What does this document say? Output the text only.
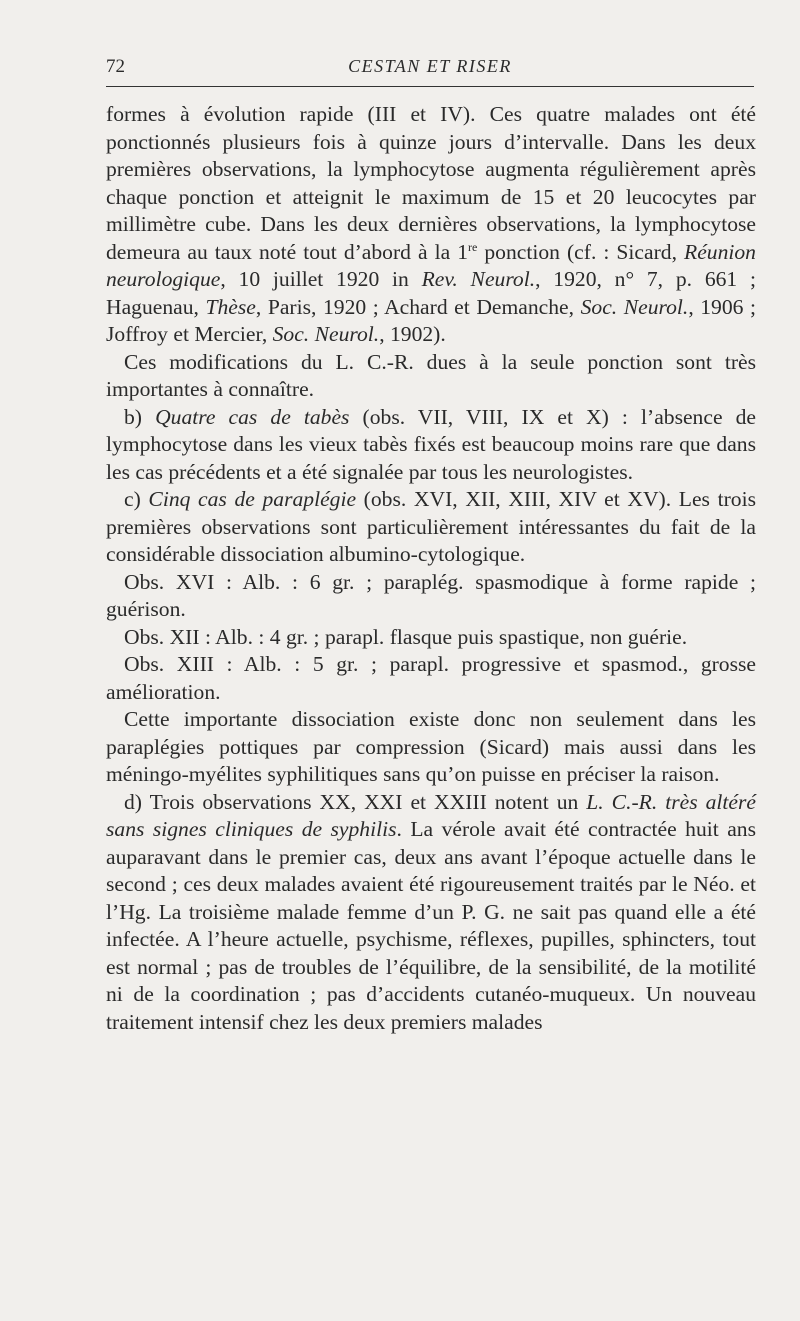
72	CESTAN ET RISER

formes à évolution rapide (III et IV). Ces quatre malades ont été ponctionnés plusieurs fois à quinze jours d’intervalle. Dans les deux premières observations, la lymphocytose augmenta régulièrement après chaque ponction et atteignit le maximum de 15 et 20 leucocytes par millimètre cube. Dans les deux dernières observations, la lymphocytose demeura au taux noté tout d’abord à la 1re ponction (cf. : Sicard, Réunion neurologique, 10 juillet 1920 in Rev. Neurol., 1920, n° 7, p. 661 ; Haguenau, Thèse, Paris, 1920 ; Achard et Demanche, Soc. Neurol., 1906 ; Joffroy et Mercier, Soc. Neurol., 1902).

Ces modifications du L. C.-R. dues à la seule ponction sont très importantes à connaître.

b) Quatre cas de tabès (obs. VII, VIII, IX et X) : l’absence de lymphocytose dans les vieux tabès fixés est beaucoup moins rare que dans les cas précédents et a été signalée par tous les neurologistes.

c) Cinq cas de paraplégie (obs. XVI, XII, XIII, XIV et XV). Les trois premières observations sont particulièrement intéressantes du fait de la considérable dissociation albumino-cytologique.

Obs. XVI : Alb. : 6 gr. ; paraplég. spasmodique à forme rapide ; guérison.

Obs. XII : Alb. : 4 gr. ; parapl. flasque puis spastique, non guérie.

Obs. XIII : Alb. : 5 gr. ; parapl. progressive et spasmod., grosse amélioration.

Cette importante dissociation existe donc non seulement dans les paraplégies pottiques par compression (Sicard) mais aussi dans les méningo-myélites syphilitiques sans qu’on puisse en préciser la raison.

d) Trois observations XX, XXI et XXIII notent un L. C.-R. très altéré sans signes cliniques de syphilis. La vérole avait été contractée huit ans auparavant dans le premier cas, deux ans avant l’époque actuelle dans le second ; ces deux malades avaient été rigoureusement traités par le Néo. et l’Hg. La troisième malade femme d’un P. G. ne sait pas quand elle a été infectée. A l’heure actuelle, psychisme, réflexes, pupilles, sphincters, tout est normal ; pas de troubles de l’équilibre, de la sensibilité, de la motilité ni de la coordination ; pas d’accidents cutanéo-muqueux. Un nouveau traitement intensif chez les deux premiers malades
